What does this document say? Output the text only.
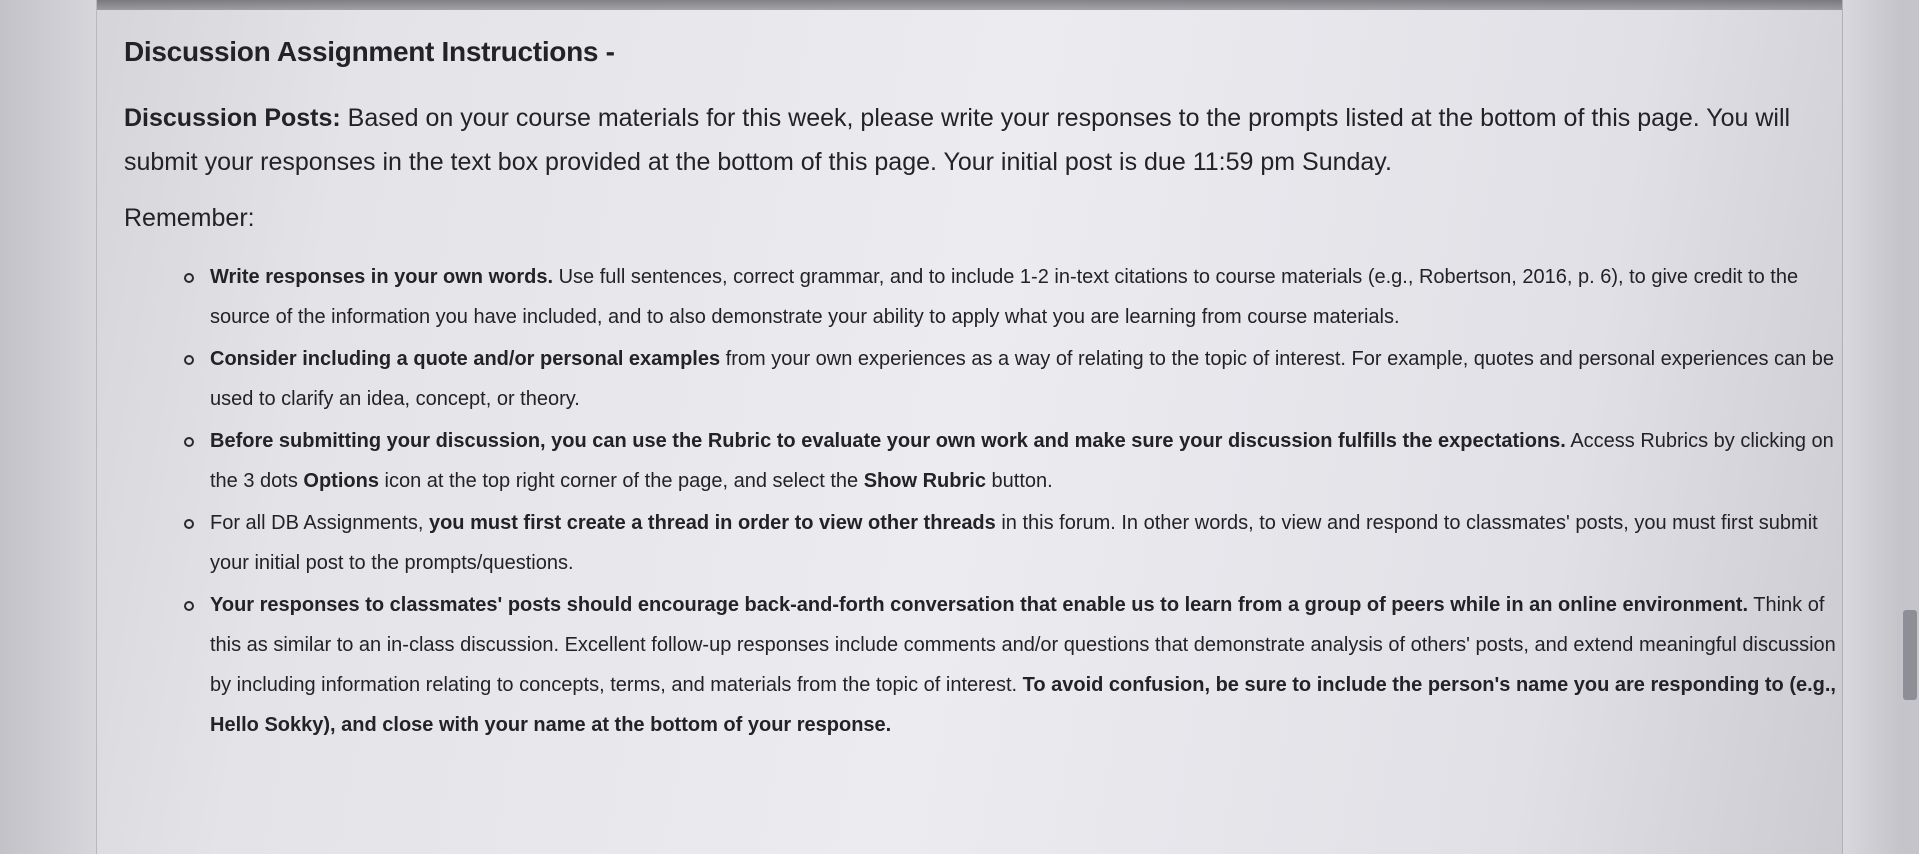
Discussion Assignment Instructions -

Discussion Posts: Based on your course materials for this week, please write your responses to the prompts listed at the bottom of this page. You will submit your responses in the text box provided at the bottom of this page. Your initial post is due 11:59 pm Sunday.

Remember:
Write responses in your own words. Use full sentences, correct grammar, and to include 1-2 in-text citations to course materials (e.g., Robertson, 2016, p. 6), to give credit to the source of the information you have included, and to also demonstrate your ability to apply what you are learning from course materials.
Consider including a quote and/or personal examples from your own experiences as a way of relating to the topic of interest. For example, quotes and personal experiences can be used to clarify an idea, concept, or theory.
Before submitting your discussion, you can use the Rubric to evaluate your own work and make sure your discussion fulfills the expectations. Access Rubrics by clicking on the 3 dots Options icon at the top right corner of the page, and select the Show Rubric button.
For all DB Assignments, you must first create a thread in order to view other threads in this forum. In other words, to view and respond to classmates' posts, you must first submit your initial post to the prompts/questions.
Your responses to classmates' posts should encourage back-and-forth conversation that enable us to learn from a group of peers while in an online environment. Think of this as similar to an in-class discussion. Excellent follow-up responses include comments and/or questions that demonstrate analysis of others' posts, and extend meaningful discussion by including information relating to concepts, terms, and materials from the topic of interest. To avoid confusion, be sure to include the person's name you are responding to (e.g., Hello Sokky), and close with your name at the bottom of your response.
